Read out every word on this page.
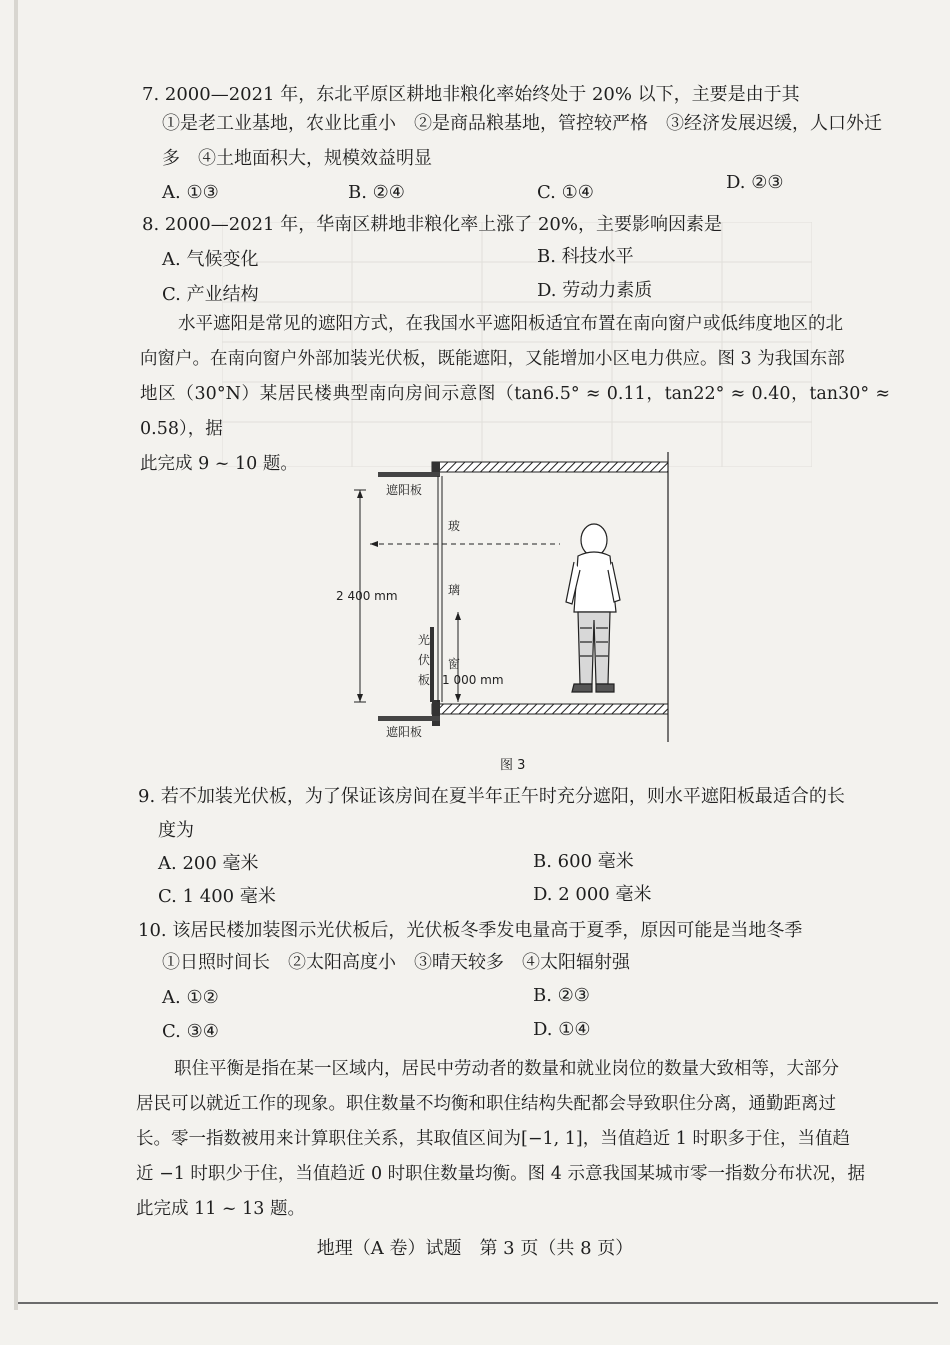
7. 2000—2021 年，东北平原区耕地非粮化率始终处于 20% 以下，主要是由于其
①是老工业基地，农业比重小　②是商品粮基地，管控较严格　③经济发展迟缓，人口外迁
多　④土地面积大，规模效益明显
A. ①③	B. ②④	C. ①④	D. ②③
8. 2000—2021 年，华南区耕地非粮化率上涨了 20%，主要影响因素是
A. 气候变化	B. 科技水平
C. 产业结构	D. 劳动力素质
水平遮阳是常见的遮阳方式，在我国水平遮阳板适宜布置在南向窗户或低纬度地区的北
向窗户。在南向窗户外部加装光伏板，既能遮阳，又能增加小区电力供应。图 3 为我国东部
地区（30°N）某居民楼典型南向房间示意图（tan6.5° ≈ 0.11，tan22° ≈ 0.40，tan30° ≈ 0.58），据
此完成 9 ~ 10 题。
遮阳板
遮阳板
2 400 mm
玻
璃
窗
光
伏
板 1 000 mm
图 3
9. 若不加装光伏板，为了保证该房间在夏半年正午时充分遮阳，则水平遮阳板最适合的长
度为
A. 200 毫米	B. 600 毫米
C. 1 400 毫米	D. 2 000 毫米
10. 该居民楼加装图示光伏板后，光伏板冬季发电量高于夏季，原因可能是当地冬季
①日照时间长　②太阳高度小　③晴天较多　④太阳辐射强
A. ①②	B. ②③
C. ③④	D. ①④
职住平衡是指在某一区域内，居民中劳动者的数量和就业岗位的数量大致相等，大部分
居民可以就近工作的现象。职住数量不均衡和职住结构失配都会导致职住分离，通勤距离过
长。零一指数被用来计算职住关系，其取值区间为[−1, 1]，当值趋近 1 时职多于住，当值趋
近 −1 时职少于住，当值趋近 0 时职住数量均衡。图 4 示意我国某城市零一指数分布状况，据
此完成 11 ~ 13 题。
地理（A 卷）试题　第 3 页（共 8 页）
